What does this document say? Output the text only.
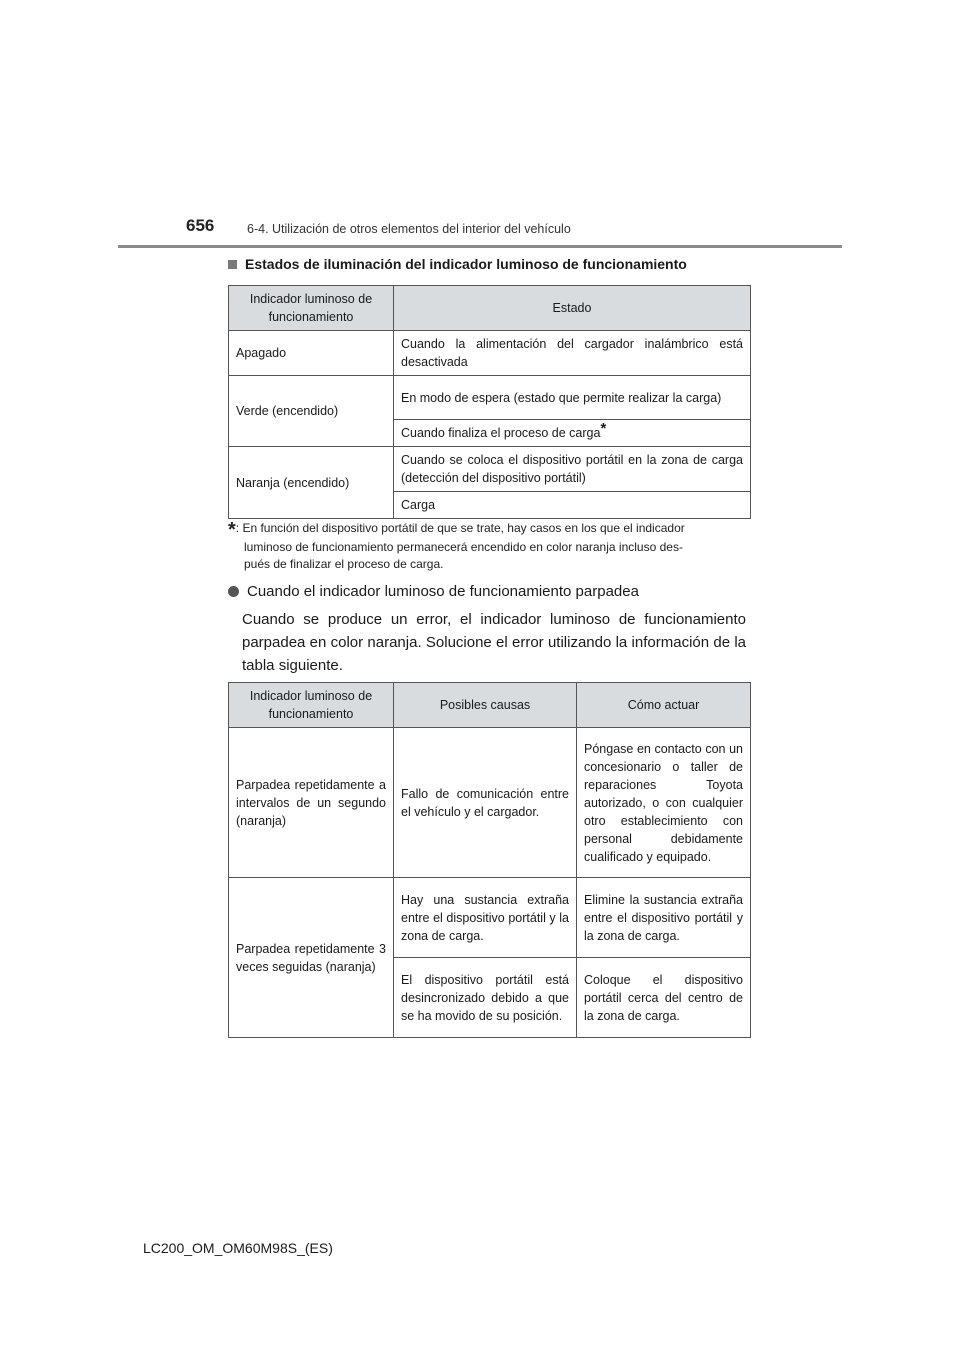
656	6-4. Utilización de otros elementos del interior del vehículo
Estados de iluminación del indicador luminoso de funcionamiento
Indicador luminoso de funcionamiento	Estado
Apagado	Cuando la alimentación del cargador inalámbrico está desactivada
Verde (encendido)	En modo de espera (estado que permite realizar la carga)
	Cuando finaliza el proceso de carga*
Naranja (encendido)	Cuando se coloca el dispositivo portátil en la zona de carga (detección del dispositivo portátil)
	Carga
*: En función del dispositivo portátil de que se trate, hay casos en los que el indicador
luminoso de funcionamiento permanecerá encendido en color naranja incluso des-
pués de finalizar el proceso de carga.
Cuando el indicador luminoso de funcionamiento parpadea
Cuando se produce un error, el indicador luminoso de funcionamiento parpadea en color naranja. Solucione el error utilizando la información de la tabla siguiente.
Indicador luminoso de funcionamiento	Posibles causas	Cómo actuar
Parpadea repetidamente a intervalos de un segundo (naranja)	Fallo de comunicación entre el vehículo y el cargador.	Póngase en contacto con un concesionario o taller de reparaciones Toyota autorizado, o con cualquier otro establecimiento con personal debidamente cualificado y equipado.
Parpadea repetidamente 3 veces seguidas (naranja)	Hay una sustancia extraña entre el dispositivo portátil y la zona de carga.	Elimine la sustancia extraña entre el dispositivo portátil y la zona de carga.
	El dispositivo portátil está desincronizado debido a que se ha movido de su posición.	Coloque el dispositivo portátil cerca del centro de la zona de carga.
LC200_OM_OM60M98S_(ES)
